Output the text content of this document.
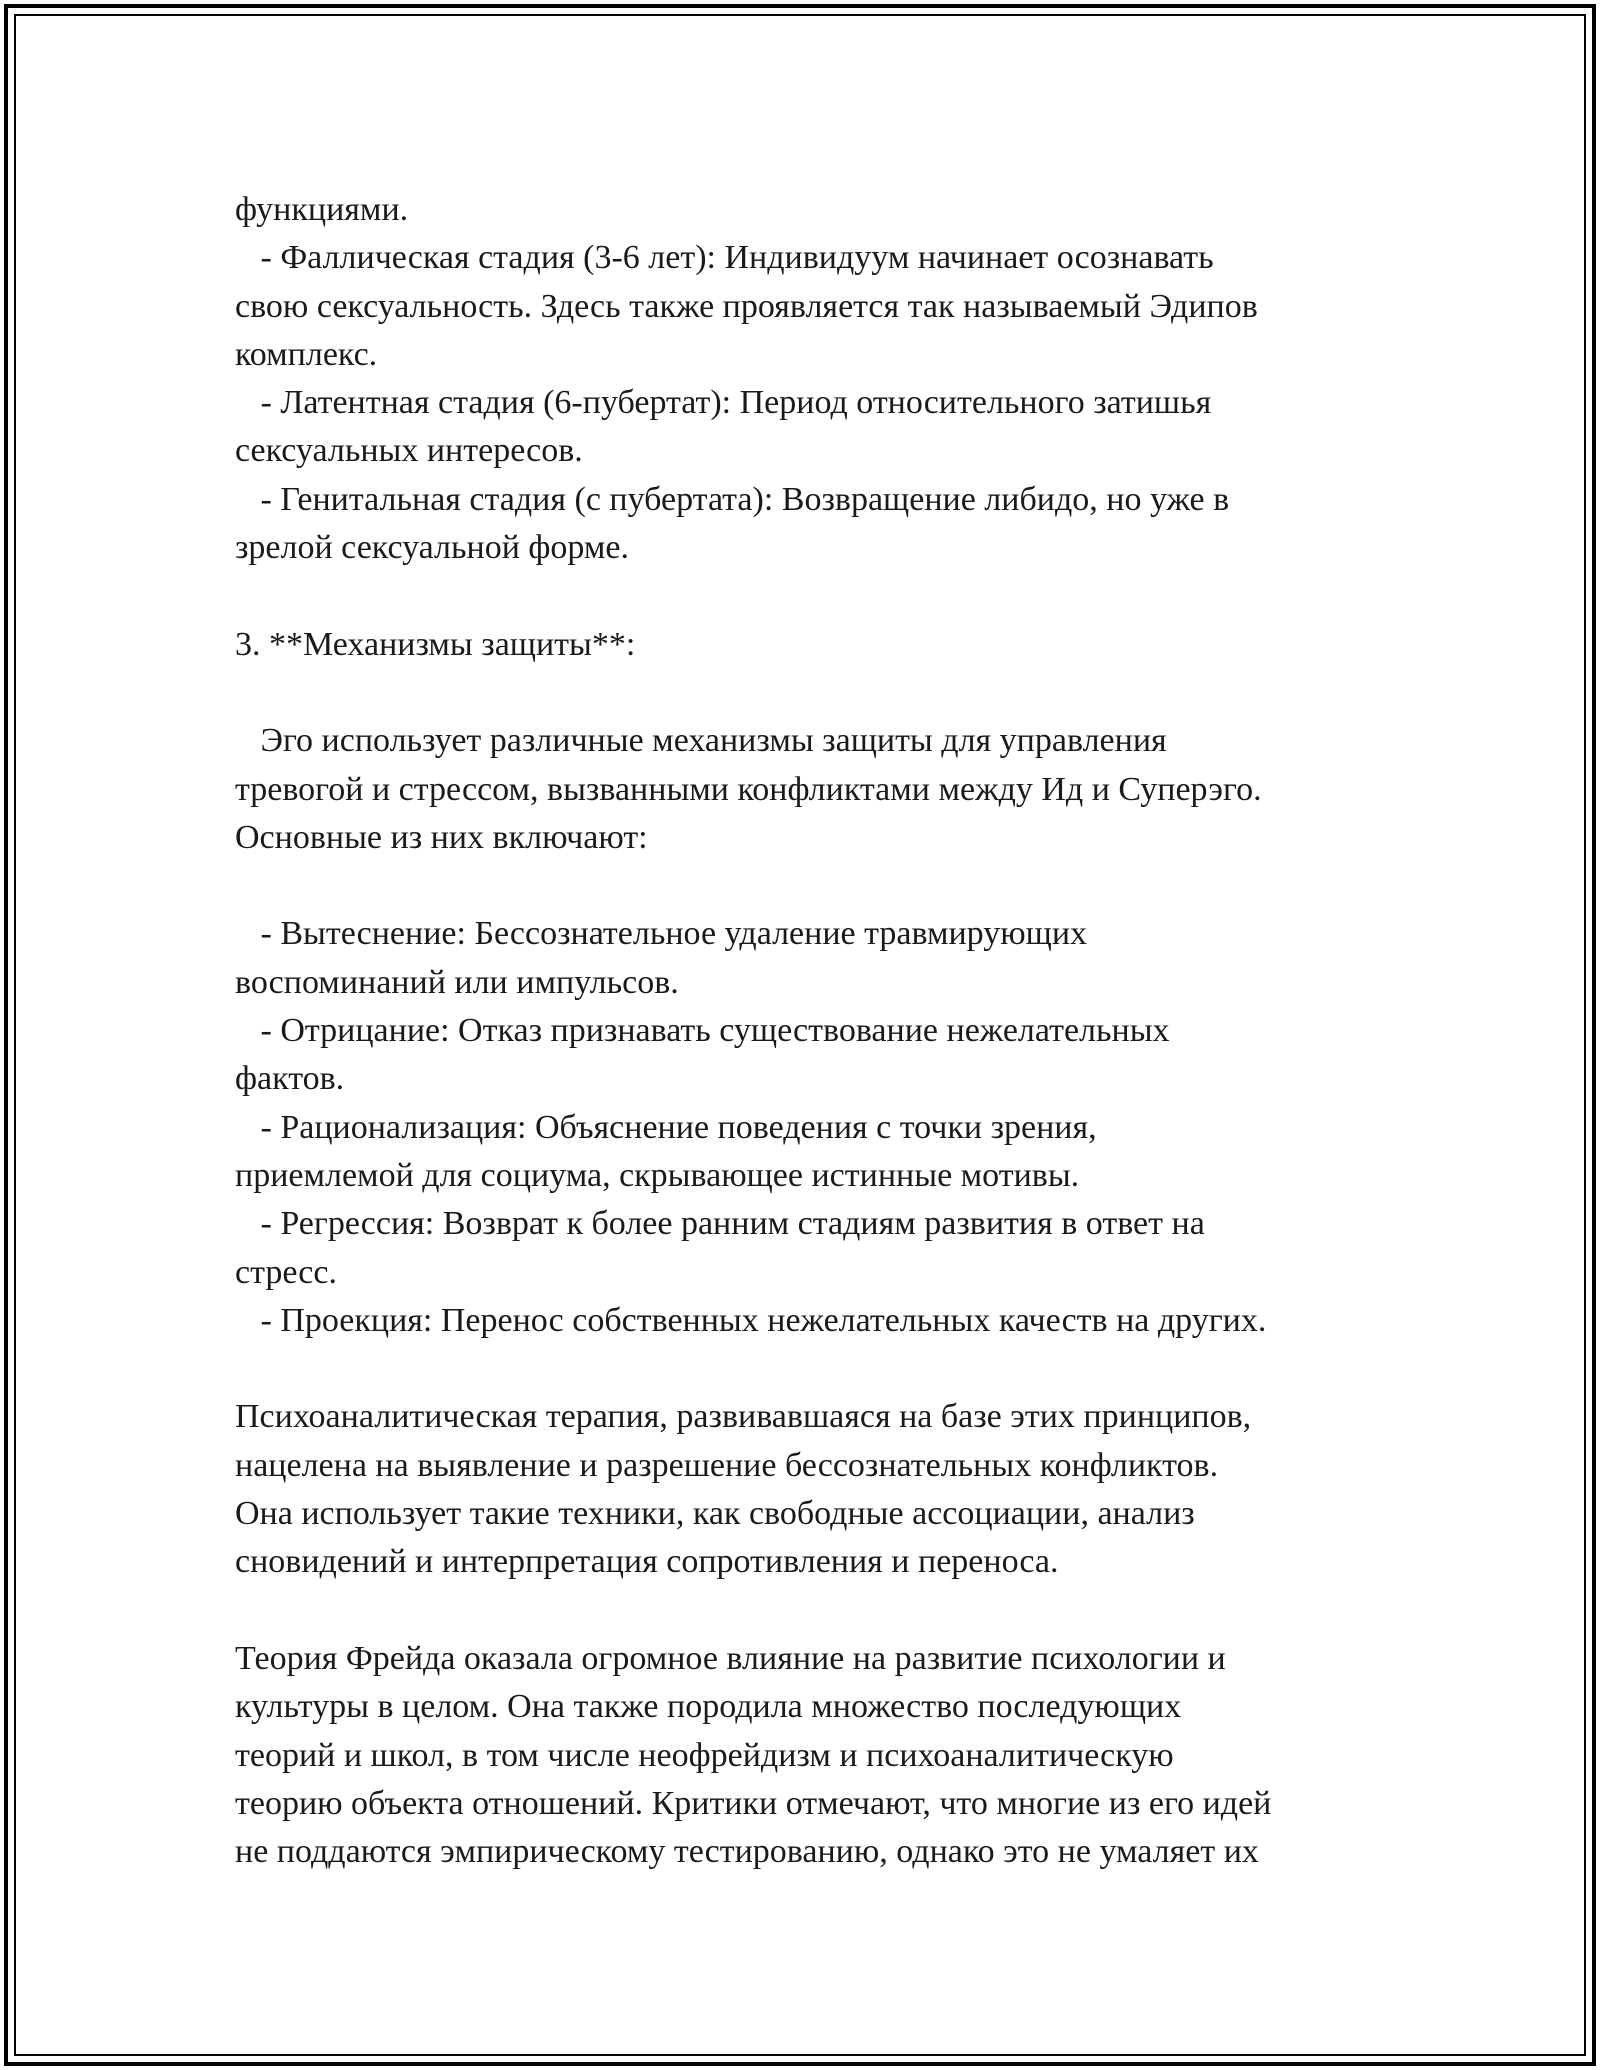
функциями.
- Фаллическая стадия (3-6 лет): Индивидуум начинает осознавать
свою сексуальность. Здесь также проявляется так называемый Эдипов
комплекс.
- Латентная стадия (6-пубертат): Период относительного затишья
сексуальных интересов.
- Генитальная стадия (с пубертата): Возвращение либидо, но уже в
зрелой сексуальной форме.
3. **Механизмы защиты**:
Эго использует различные механизмы защиты для управления
тревогой и стрессом, вызванными конфликтами между Ид и Суперэго.
Основные из них включают:
- Вытеснение: Бессознательное удаление травмирующих
воспоминаний или импульсов.
- Отрицание: Отказ признавать существование нежелательных
фактов.
- Рационализация: Объяснение поведения с точки зрения,
приемлемой для социума, скрывающее истинные мотивы.
- Регрессия: Возврат к более ранним стадиям развития в ответ на
стресс.
- Проекция: Перенос собственных нежелательных качеств на других.
Психоаналитическая терапия, развивавшаяся на базе этих принципов,
нацелена на выявление и разрешение бессознательных конфликтов.
Она использует такие техники, как свободные ассоциации, анализ
сновидений и интерпретация сопротивления и переноса.
Теория Фрейда оказала огромное влияние на развитие психологии и
культуры в целом. Она также породила множество последующих
теорий и школ, в том числе неофрейдизм и психоаналитическую
теорию объекта отношений. Критики отмечают, что многие из его идей
не поддаются эмпирическому тестированию, однако это не умаляет их
